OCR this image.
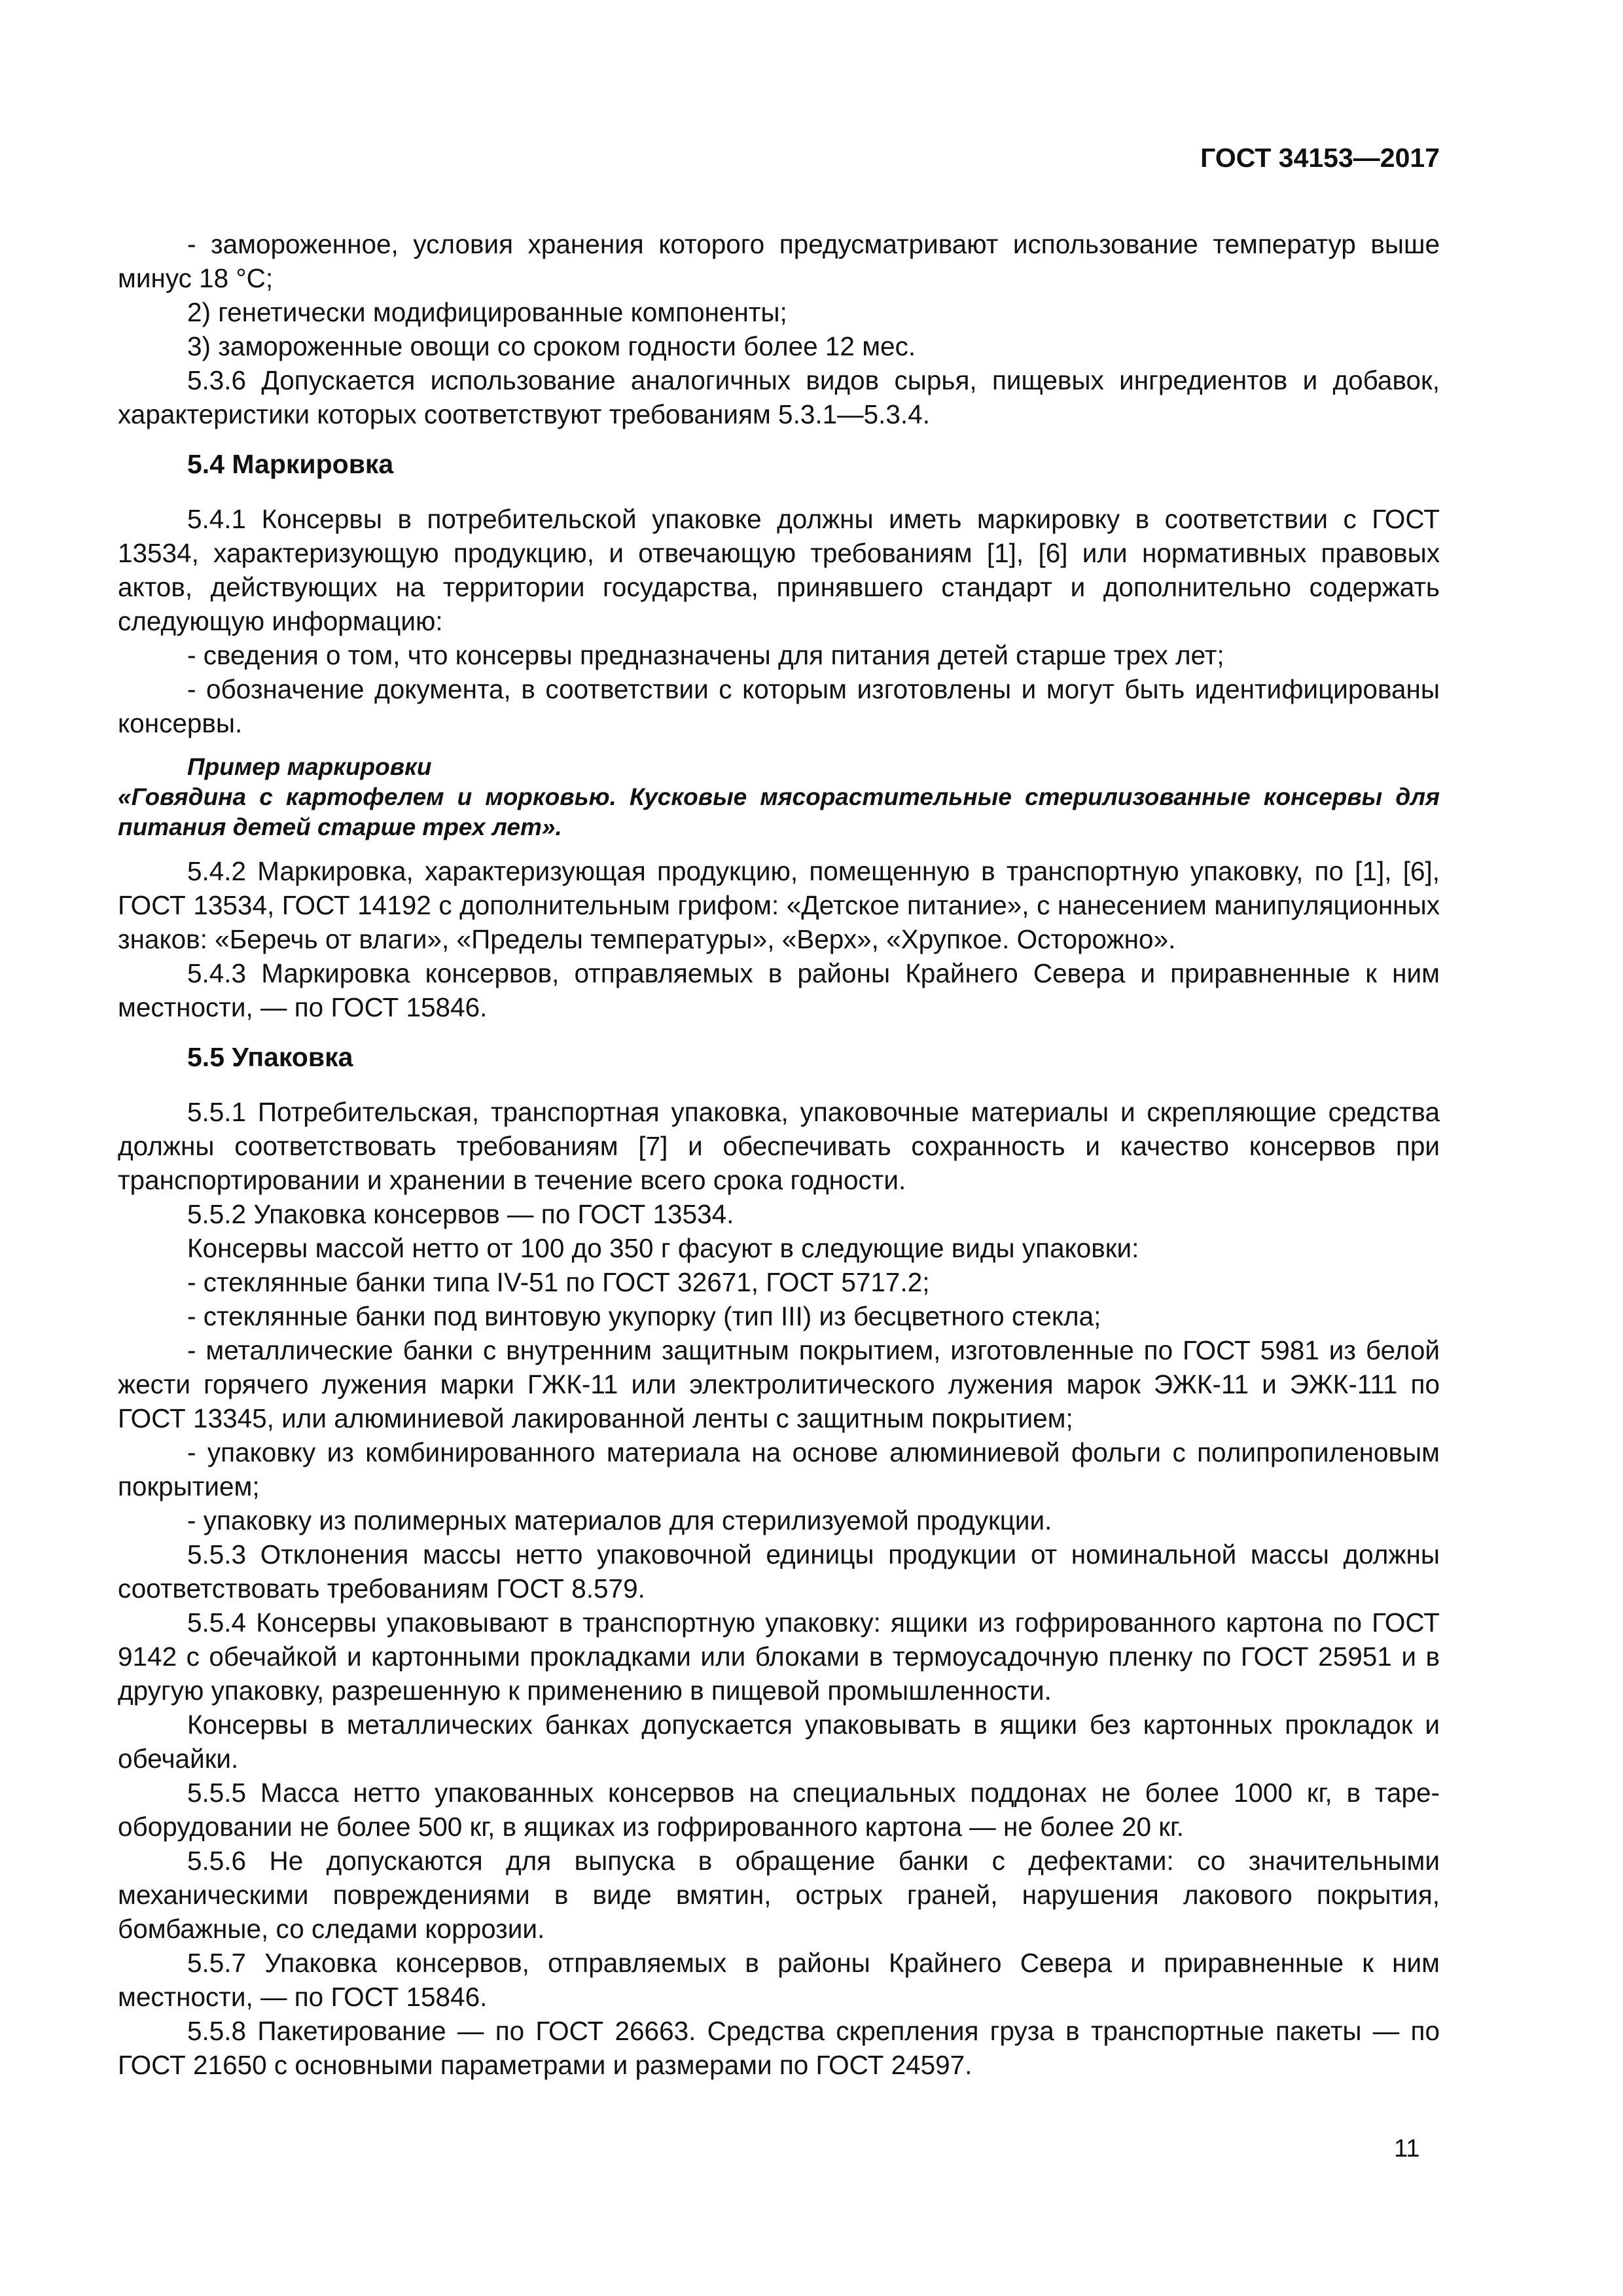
ГОСТ 34153—2017

- замороженное, условия хранения которого предусматривают использование температур выше минус 18 °С;

2) генетически модифицированные компоненты;

3) замороженные овощи со сроком годности более 12 мес.

5.3.6 Допускается использование аналогичных видов сырья, пищевых ингредиентов и добавок, характеристики которых соответствуют требованиям 5.3.1—5.3.4.

5.4 Маркировка

5.4.1 Консервы в потребительской упаковке должны иметь маркировку в соответствии с ГОСТ 13534, характеризующую продукцию, и отвечающую требованиям [1], [6] или нормативных правовых актов, действующих на территории государства, принявшего стандарт и дополнительно содержать следующую информацию:

- сведения о том, что консервы предназначены для питания детей старше трех лет;

- обозначение документа, в соответствии с которым изготовлены и могут быть идентифицированы консервы.

Пример маркировки
«Говядина с картофелем и морковью. Кусковые мясорастительные стерилизованные консервы для питания детей старше трех лет».

5.4.2 Маркировка, характеризующая продукцию, помещенную в транспортную упаковку, по [1], [6], ГОСТ 13534, ГОСТ 14192 с дополнительным грифом: «Детское питание», с нанесением манипуляционных знаков: «Беречь от влаги», «Пределы температуры», «Верх», «Хрупкое. Осторожно».

5.4.3 Маркировка консервов, отправляемых в районы Крайнего Севера и приравненные к ним местности, — по ГОСТ 15846.

5.5 Упаковка

5.5.1 Потребительская, транспортная упаковка, упаковочные материалы и скрепляющие средства должны соответствовать требованиям [7] и обеспечивать сохранность и качество консервов при транспортировании и хранении в течение всего срока годности.

5.5.2 Упаковка консервов — по ГОСТ 13534.

Консервы массой нетто от 100 до 350 г фасуют в следующие виды упаковки:

- стеклянные банки типа IV-51 по ГОСТ 32671, ГОСТ 5717.2;

- стеклянные банки под винтовую укупорку (тип III) из бесцветного стекла;

- металлические банки с внутренним защитным покрытием, изготовленные по ГОСТ 5981 из белой жести горячего лужения марки ГЖК-11 или электролитического лужения марок ЭЖК-11 и ЭЖК-111 по ГОСТ 13345, или алюминиевой лакированной ленты с защитным покрытием;

- упаковку из комбинированного материала на основе алюминиевой фольги с полипропиленовым покрытием;

- упаковку из полимерных материалов для стерилизуемой продукции.

5.5.3 Отклонения массы нетто упаковочной единицы продукции от номинальной массы должны соответствовать требованиям ГОСТ 8.579.

5.5.4 Консервы упаковывают в транспортную упаковку: ящики из гофрированного картона по ГОСТ 9142 с обечайкой и картонными прокладками или блоками в термоусадочную пленку по ГОСТ 25951 и в другую упаковку, разрешенную к применению в пищевой промышленности.

Консервы в металлических банках допускается упаковывать в ящики без картонных прокладок и обечайки.

5.5.5 Масса нетто упакованных консервов на специальных поддонах не более 1000 кг, в таре-оборудовании не более 500 кг, в ящиках из гофрированного картона — не более 20 кг.

5.5.6 Не допускаются для выпуска в обращение банки с дефектами: со значительными механическими повреждениями в виде вмятин, острых граней, нарушения лакового покрытия, бомбажные, со следами коррозии.

5.5.7 Упаковка консервов, отправляемых в районы Крайнего Севера и приравненные к ним местности, — по ГОСТ 15846.

5.5.8 Пакетирование — по ГОСТ 26663. Средства скрепления груза в транспортные пакеты — по ГОСТ 21650 с основными параметрами и размерами по ГОСТ 24597.

11
